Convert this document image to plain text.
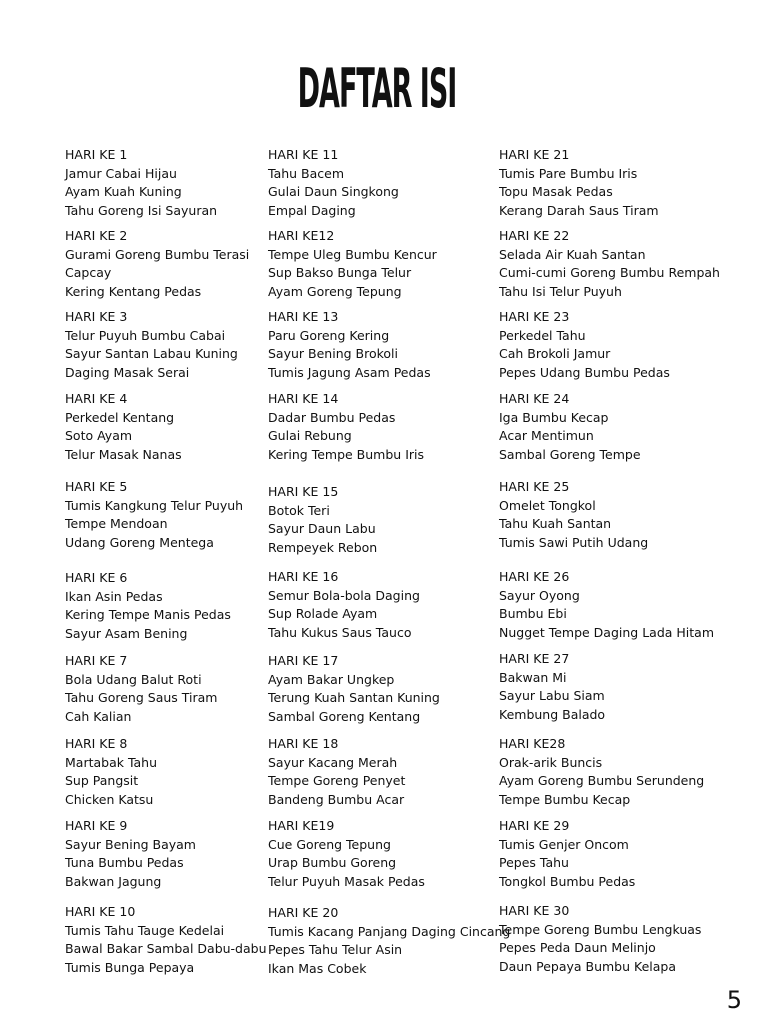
DAFTAR ISI
HARI KE 1
Jamur Cabai Hijau
Ayam Kuah Kuning
Tahu Goreng Isi Sayuran
HARI KE 2
Gurami Goreng Bumbu Terasi
Capcay
Kering Kentang Pedas
HARI KE 3
Telur Puyuh Bumbu Cabai
Sayur Santan Labau Kuning
Daging Masak Serai
HARI KE 4
Perkedel Kentang
Soto Ayam
Telur Masak Nanas
HARI KE 5
Tumis Kangkung Telur Puyuh
Tempe Mendoan
Udang Goreng Mentega
HARI KE 6
Ikan Asin Pedas
Kering Tempe Manis Pedas
Sayur Asam Bening
HARI KE 7
Bola Udang Balut Roti
Tahu Goreng Saus Tiram
Cah Kalian
HARI KE 8
Martabak Tahu
Sup Pangsit
Chicken Katsu
HARI KE 9
Sayur Bening Bayam
Tuna Bumbu Pedas
Bakwan Jagung
HARI KE 10
Tumis Tahu Tauge Kedelai
Bawal Bakar Sambal Dabu-dabu
Tumis Bunga Pepaya
HARI KE 11
Tahu Bacem
Gulai Daun Singkong
Empal Daging
HARI KE12
Tempe Uleg Bumbu Kencur
Sup Bakso Bunga Telur
Ayam Goreng Tepung
HARI KE 13
Paru Goreng Kering
Sayur Bening Brokoli
Tumis Jagung Asam Pedas
HARI KE 14
Dadar Bumbu Pedas
Gulai Rebung
Kering Tempe Bumbu Iris
HARI KE 15
Botok Teri
Sayur Daun Labu
Rempeyek Rebon
HARI KE 16
Semur Bola-bola Daging
Sup Rolade Ayam
Tahu Kukus Saus Tauco
HARI KE 17
Ayam Bakar Ungkep
Terung Kuah Santan Kuning
Sambal Goreng Kentang
HARI KE 18
Sayur Kacang Merah
Tempe Goreng Penyet
Bandeng Bumbu Acar
HARI KE19
Cue Goreng Tepung
Urap Bumbu Goreng
Telur Puyuh Masak Pedas
HARI KE 20
Tumis Kacang Panjang Daging Cincang
Pepes Tahu Telur Asin
Ikan Mas Cobek
HARI KE 21
Tumis Pare Bumbu Iris
Topu Masak Pedas
Kerang Darah Saus Tiram
HARI KE 22
Selada Air Kuah Santan
Cumi-cumi Goreng Bumbu Rempah
Tahu Isi Telur Puyuh
HARI KE 23
Perkedel Tahu
Cah Brokoli Jamur
Pepes Udang Bumbu Pedas
HARI KE 24
Iga Bumbu Kecap
Acar Mentimun
Sambal Goreng Tempe
HARI KE 25
Omelet Tongkol
Tahu Kuah Santan
Tumis Sawi Putih Udang
HARI KE 26
Sayur Oyong
Bumbu Ebi
Nugget Tempe Daging Lada Hitam
HARI KE 27
Bakwan Mi
Sayur Labu Siam
Kembung Balado
HARI KE28
Orak-arik Buncis
Ayam Goreng Bumbu Serundeng
Tempe Bumbu Kecap
HARI KE 29
Tumis Genjer Oncom
Pepes Tahu
Tongkol Bumbu Pedas
HARI KE 30
Tempe Goreng Bumbu Lengkuas
Pepes Peda Daun Melinjo
Daun Pepaya Bumbu Kelapa
5
